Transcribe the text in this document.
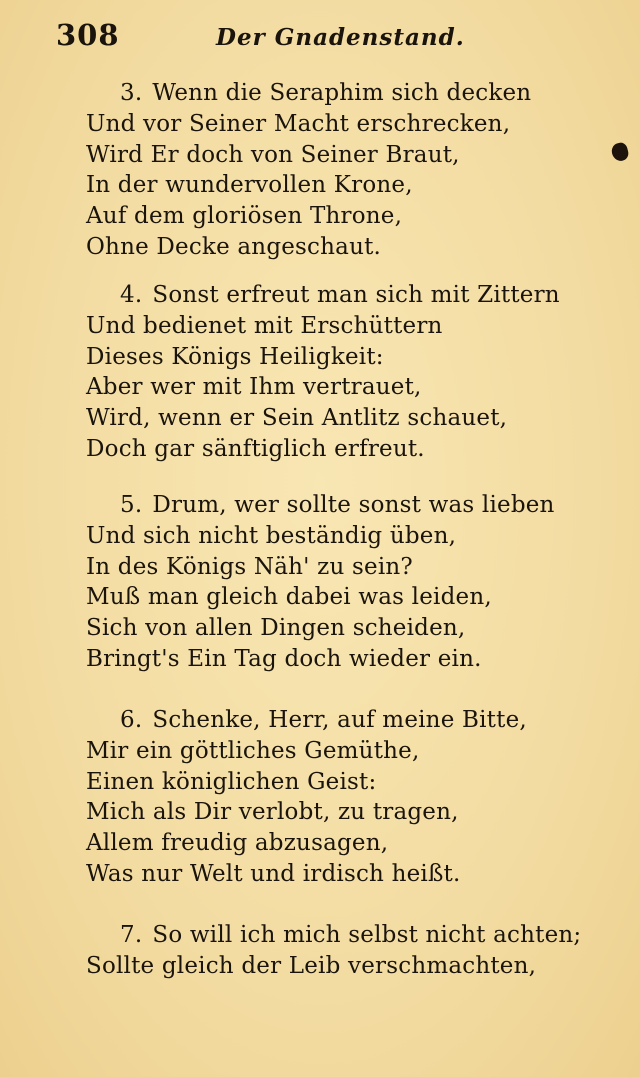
308	Der Gnadenstand.
3. Wenn die Seraphim sich decken
Und vor Seiner Macht erschrecken,
Wird Er doch von Seiner Braut,
In der wundervollen Krone,
Auf dem gloriösen Throne,
Ohne Decke angeschaut.
4. Sonst erfreut man sich mit Zittern
Und bedienet mit Erschüttern
Dieses Königs Heiligkeit:
Aber wer mit Ihm vertrauet,
Wird, wenn er Sein Antlitz schauet,
Doch gar sänftiglich erfreut.
5. Drum, wer sollte sonst was lieben
Und sich nicht beständig üben,
In des Königs Näh' zu sein?
Muß man gleich dabei was leiden,
Sich von allen Dingen scheiden,
Bringt's Ein Tag doch wieder ein.
6. Schenke, Herr, auf meine Bitte,
Mir ein göttliches Gemüthe,
Einen königlichen Geist:
Mich als Dir verlobt, zu tragen,
Allem freudig abzusagen,
Was nur Welt und irdisch heißt.
7. So will ich mich selbst nicht achten;
Sollte gleich der Leib verschmachten,
